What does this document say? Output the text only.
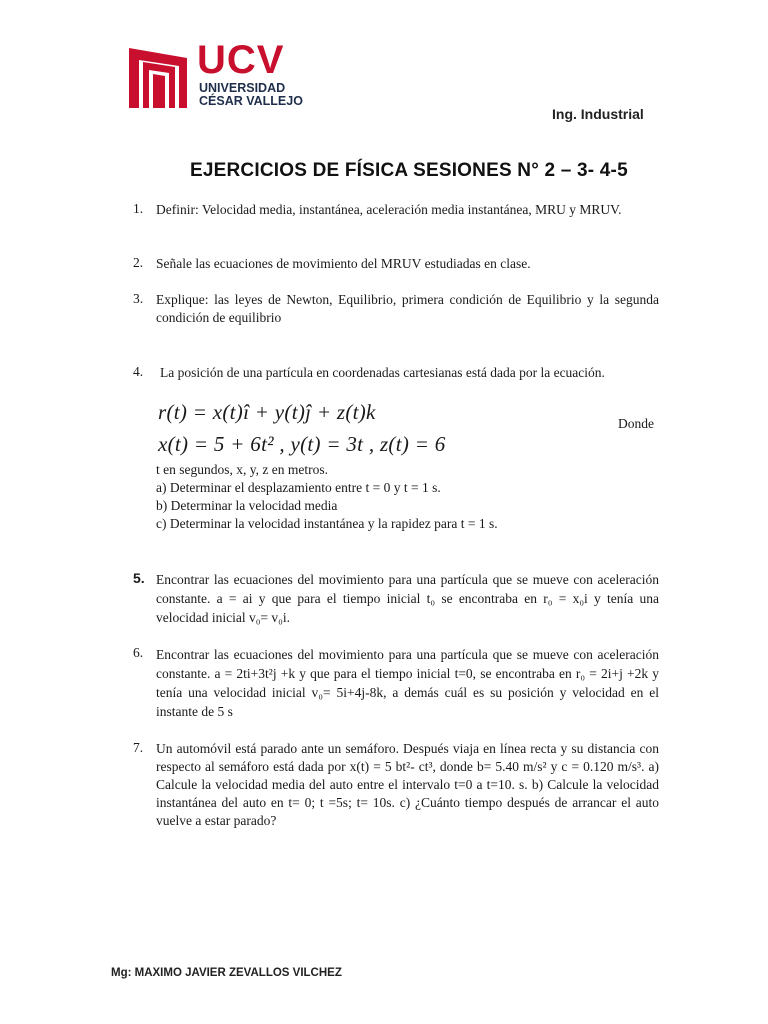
UCV
UNIVERSIDAD
CÉSAR VALLEJO
Ing. Industrial
EJERCICIOS DE FÍSICA SESIONES N° 2 – 3- 4-5
1. Definir: Velocidad media, instantánea, aceleración media instantánea, MRU y MRUV.
2. Señale las ecuaciones de movimiento del MRUV estudiadas en clase.
3. Explique: las leyes de Newton, Equilibrio, primera condición de Equilibrio y la segunda condición de equilibrio
4. La posición de una partícula en coordenadas cartesianas está dada por la ecuación.
r(t) = x(t)î + y(t)ĵ + z(t)k	Donde
x(t) = 5 + 6t² , y(t) = 3t , z(t) = 6
t en segundos, x, y, z en metros.
a) Determinar el desplazamiento entre t = 0 y t = 1 s.
b) Determinar la velocidad media
c) Determinar la velocidad instantánea y la rapidez para t = 1 s.
5. Encontrar las ecuaciones del movimiento para una partícula que se mueve con aceleración constante. a = ai y que para el tiempo inicial t₀ se encontraba en r₀ = x₀i y tenía una velocidad inicial v₀= v₀i.
6. Encontrar las ecuaciones del movimiento para una partícula que se mueve con aceleración constante. a = 2ti+3t²j +k y que para el tiempo inicial t=0, se encontraba en r₀ = 2i+j +2k y tenía una velocidad inicial v₀= 5i+4j-8k, a demás cuál es su posición y velocidad en el instante de 5 s
7. Un automóvil está parado ante un semáforo. Después viaja en línea recta y su distancia con respecto al semáforo está dada por x(t) = 5 bt²- ct³, donde b= 5.40 m/s² y c = 0.120 m/s³. a) Calcule la velocidad media del auto entre el intervalo t=0 a t=10. s. b) Calcule la velocidad instantánea del auto en t= 0; t =5s; t= 10s. c) ¿Cuánto tiempo después de arrancar el auto vuelve a estar parado?
Mg: MAXIMO JAVIER ZEVALLOS VILCHEZ
